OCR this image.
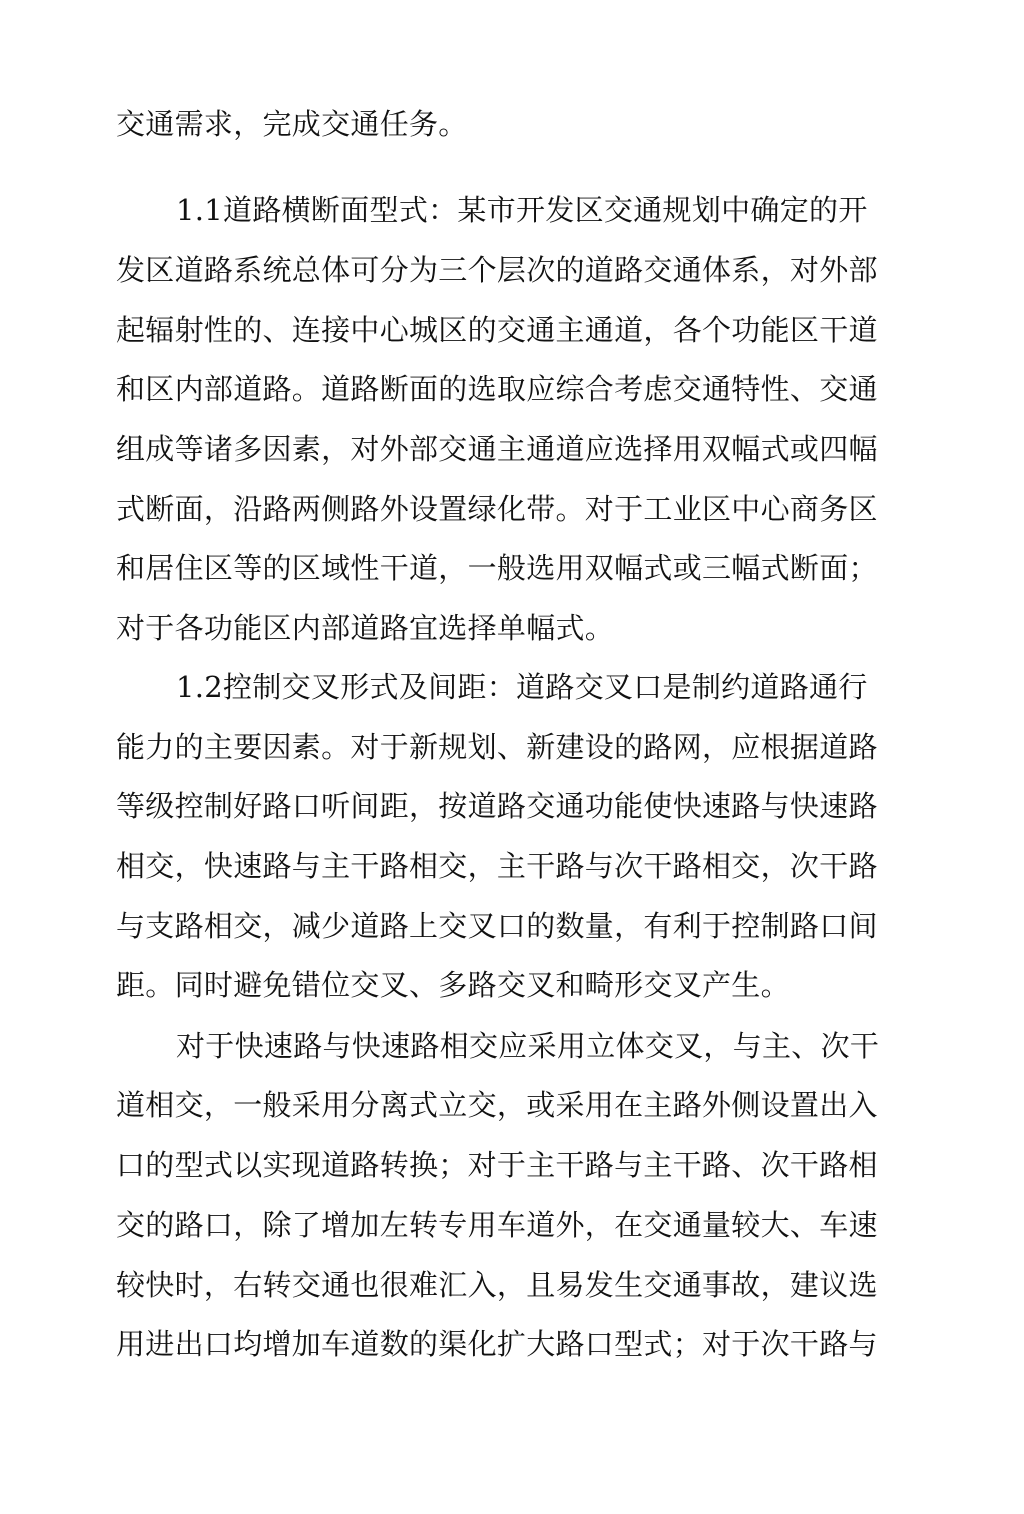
交通需求，完成交通任务。
1.1道路横断面型式：某市开发区交通规划中确定的开
发区道路系统总体可分为三个层次的道路交通体系，对外部
起辐射性的、连接中心城区的交通主通道，各个功能区干道
和区内部道路。道路断面的选取应综合考虑交通特性、交通
组成等诸多因素，对外部交通主通道应选择用双幅式或四幅
式断面，沿路两侧路外设置绿化带。对于工业区中心商务区
和居住区等的区域性干道，一般选用双幅式或三幅式断面；
对于各功能区内部道路宜选择单幅式。
1.2控制交叉形式及间距：道路交叉口是制约道路通行
能力的主要因素。对于新规划、新建设的路网，应根据道路
等级控制好路口听间距，按道路交通功能使快速路与快速路
相交，快速路与主干路相交，主干路与次干路相交，次干路
与支路相交，减少道路上交叉口的数量，有利于控制路口间
距。同时避免错位交叉、多路交叉和畸形交叉产生。
对于快速路与快速路相交应采用立体交叉，与主、次干
道相交，一般采用分离式立交，或采用在主路外侧设置出入
口的型式以实现道路转换；对于主干路与主干路、次干路相
交的路口，除了增加左转专用车道外，在交通量较大、车速
较快时，右转交通也很难汇入，且易发生交通事故，建议选
用进出口均增加车道数的渠化扩大路口型式；对于次干路与
